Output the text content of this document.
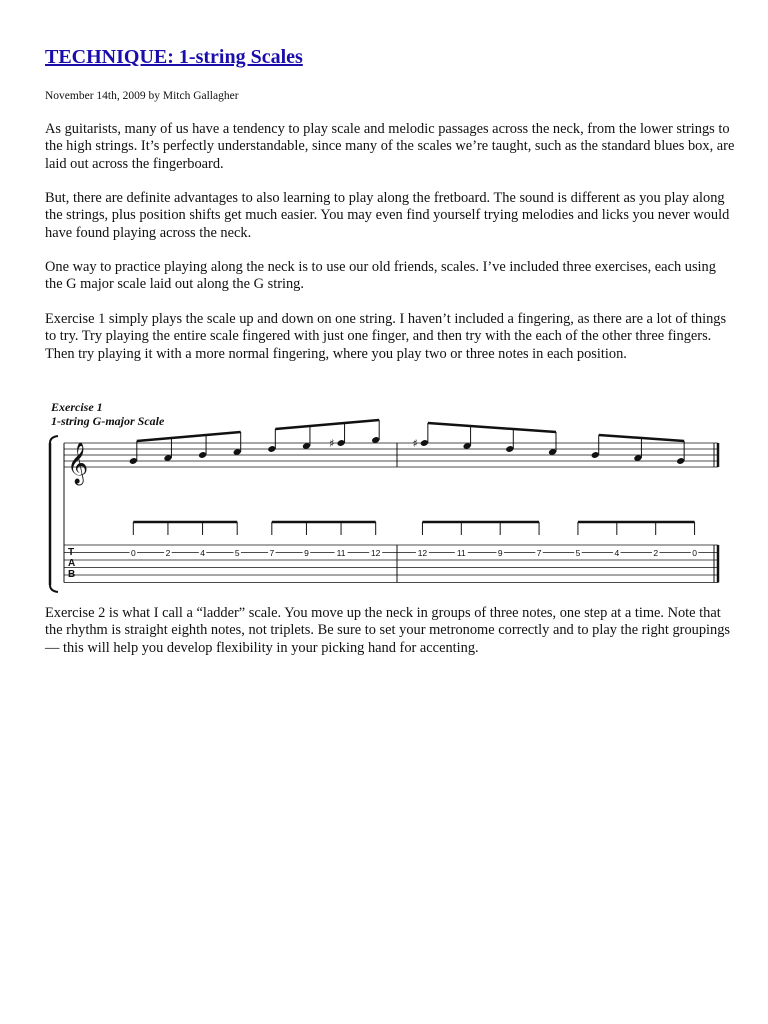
TECHNIQUE: 1-string Scales

November 14th, 2009 by Mitch Gallagher

As guitarists, many of us have a tendency to play scale and melodic passages across the neck, from the lower strings to the high strings. It’s perfectly understandable, since many of the scales we’re taught, such as the standard blues box, are laid out across the fingerboard.

But, there are definite advantages to also learning to play along the fretboard. The sound is different as you play along the strings, plus position shifts get much easier. You may even find yourself trying melodies and licks you never would have found playing across the neck.

One way to practice playing along the neck is to use our old friends, scales. I’ve included three exercises, each using the G major scale laid out along the G string.

Exercise 1 simply plays the scale up and down on one string. I haven’t included a fingering, as there are a lot of things to try. Try playing the entire scale fingered with just one finger, and then try with the each of the other three fingers. Then try playing it with a more normal fingering, where you play two or three notes in each position.

Exercise 1

1-string G-major Scale

𝄞
T
A
B
♯	♯
0	2	4	5	7	9	11	12	12	11	9	7	5	4	2	0

Exercise 2 is what I call a “ladder” scale. You move up the neck in groups of three notes, one step at a time. Note that the rhythm is straight eighth notes, not triplets. Be sure to set your metronome correctly and to play the right groupings — this will help you develop flexibility in your picking hand for accenting.
